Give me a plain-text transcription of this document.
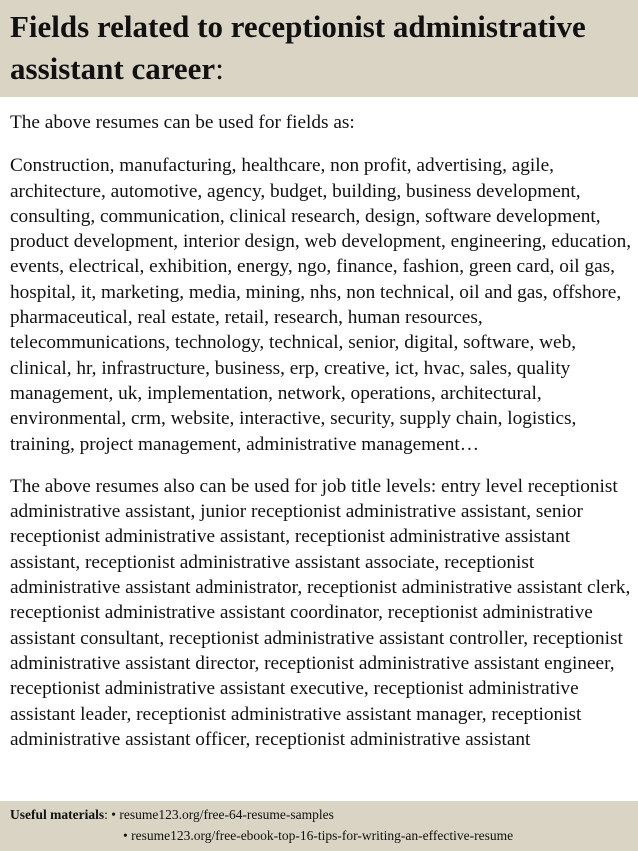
Fields related to receptionist administrative assistant career:

The above resumes can be used for fields as:

Construction, manufacturing, healthcare, non profit, advertising, agile, architecture, automotive, agency, budget, building, business development, consulting, communication, clinical research, design, software development, product development, interior design, web development, engineering, education, events, electrical, exhibition, energy, ngo, finance, fashion, green card, oil gas, hospital, it, marketing, media, mining, nhs, non technical, oil and gas, offshore, pharmaceutical, real estate, retail, research, human resources, telecommunications, technology, technical, senior, digital, software, web, clinical, hr, infrastructure, business, erp, creative, ict, hvac, sales, quality management, uk, implementation, network, operations, architectural, environmental, crm, website, interactive, security, supply chain, logistics, training, project management, administrative management…

The above resumes also can be used for job title levels: entry level receptionist administrative assistant, junior receptionist administrative assistant, senior receptionist administrative assistant, receptionist administrative assistant assistant, receptionist administrative assistant associate, receptionist administrative assistant administrator, receptionist administrative assistant clerk, receptionist administrative assistant coordinator, receptionist administrative assistant consultant, receptionist administrative assistant controller, receptionist administrative assistant director, receptionist administrative assistant engineer, receptionist administrative assistant executive, receptionist administrative assistant leader, receptionist administrative assistant manager, receptionist administrative assistant officer, receptionist administrative assistant

Useful materials: • resume123.org/free-64-resume-samples
• resume123.org/free-ebook-top-16-tips-for-writing-an-effective-resume
